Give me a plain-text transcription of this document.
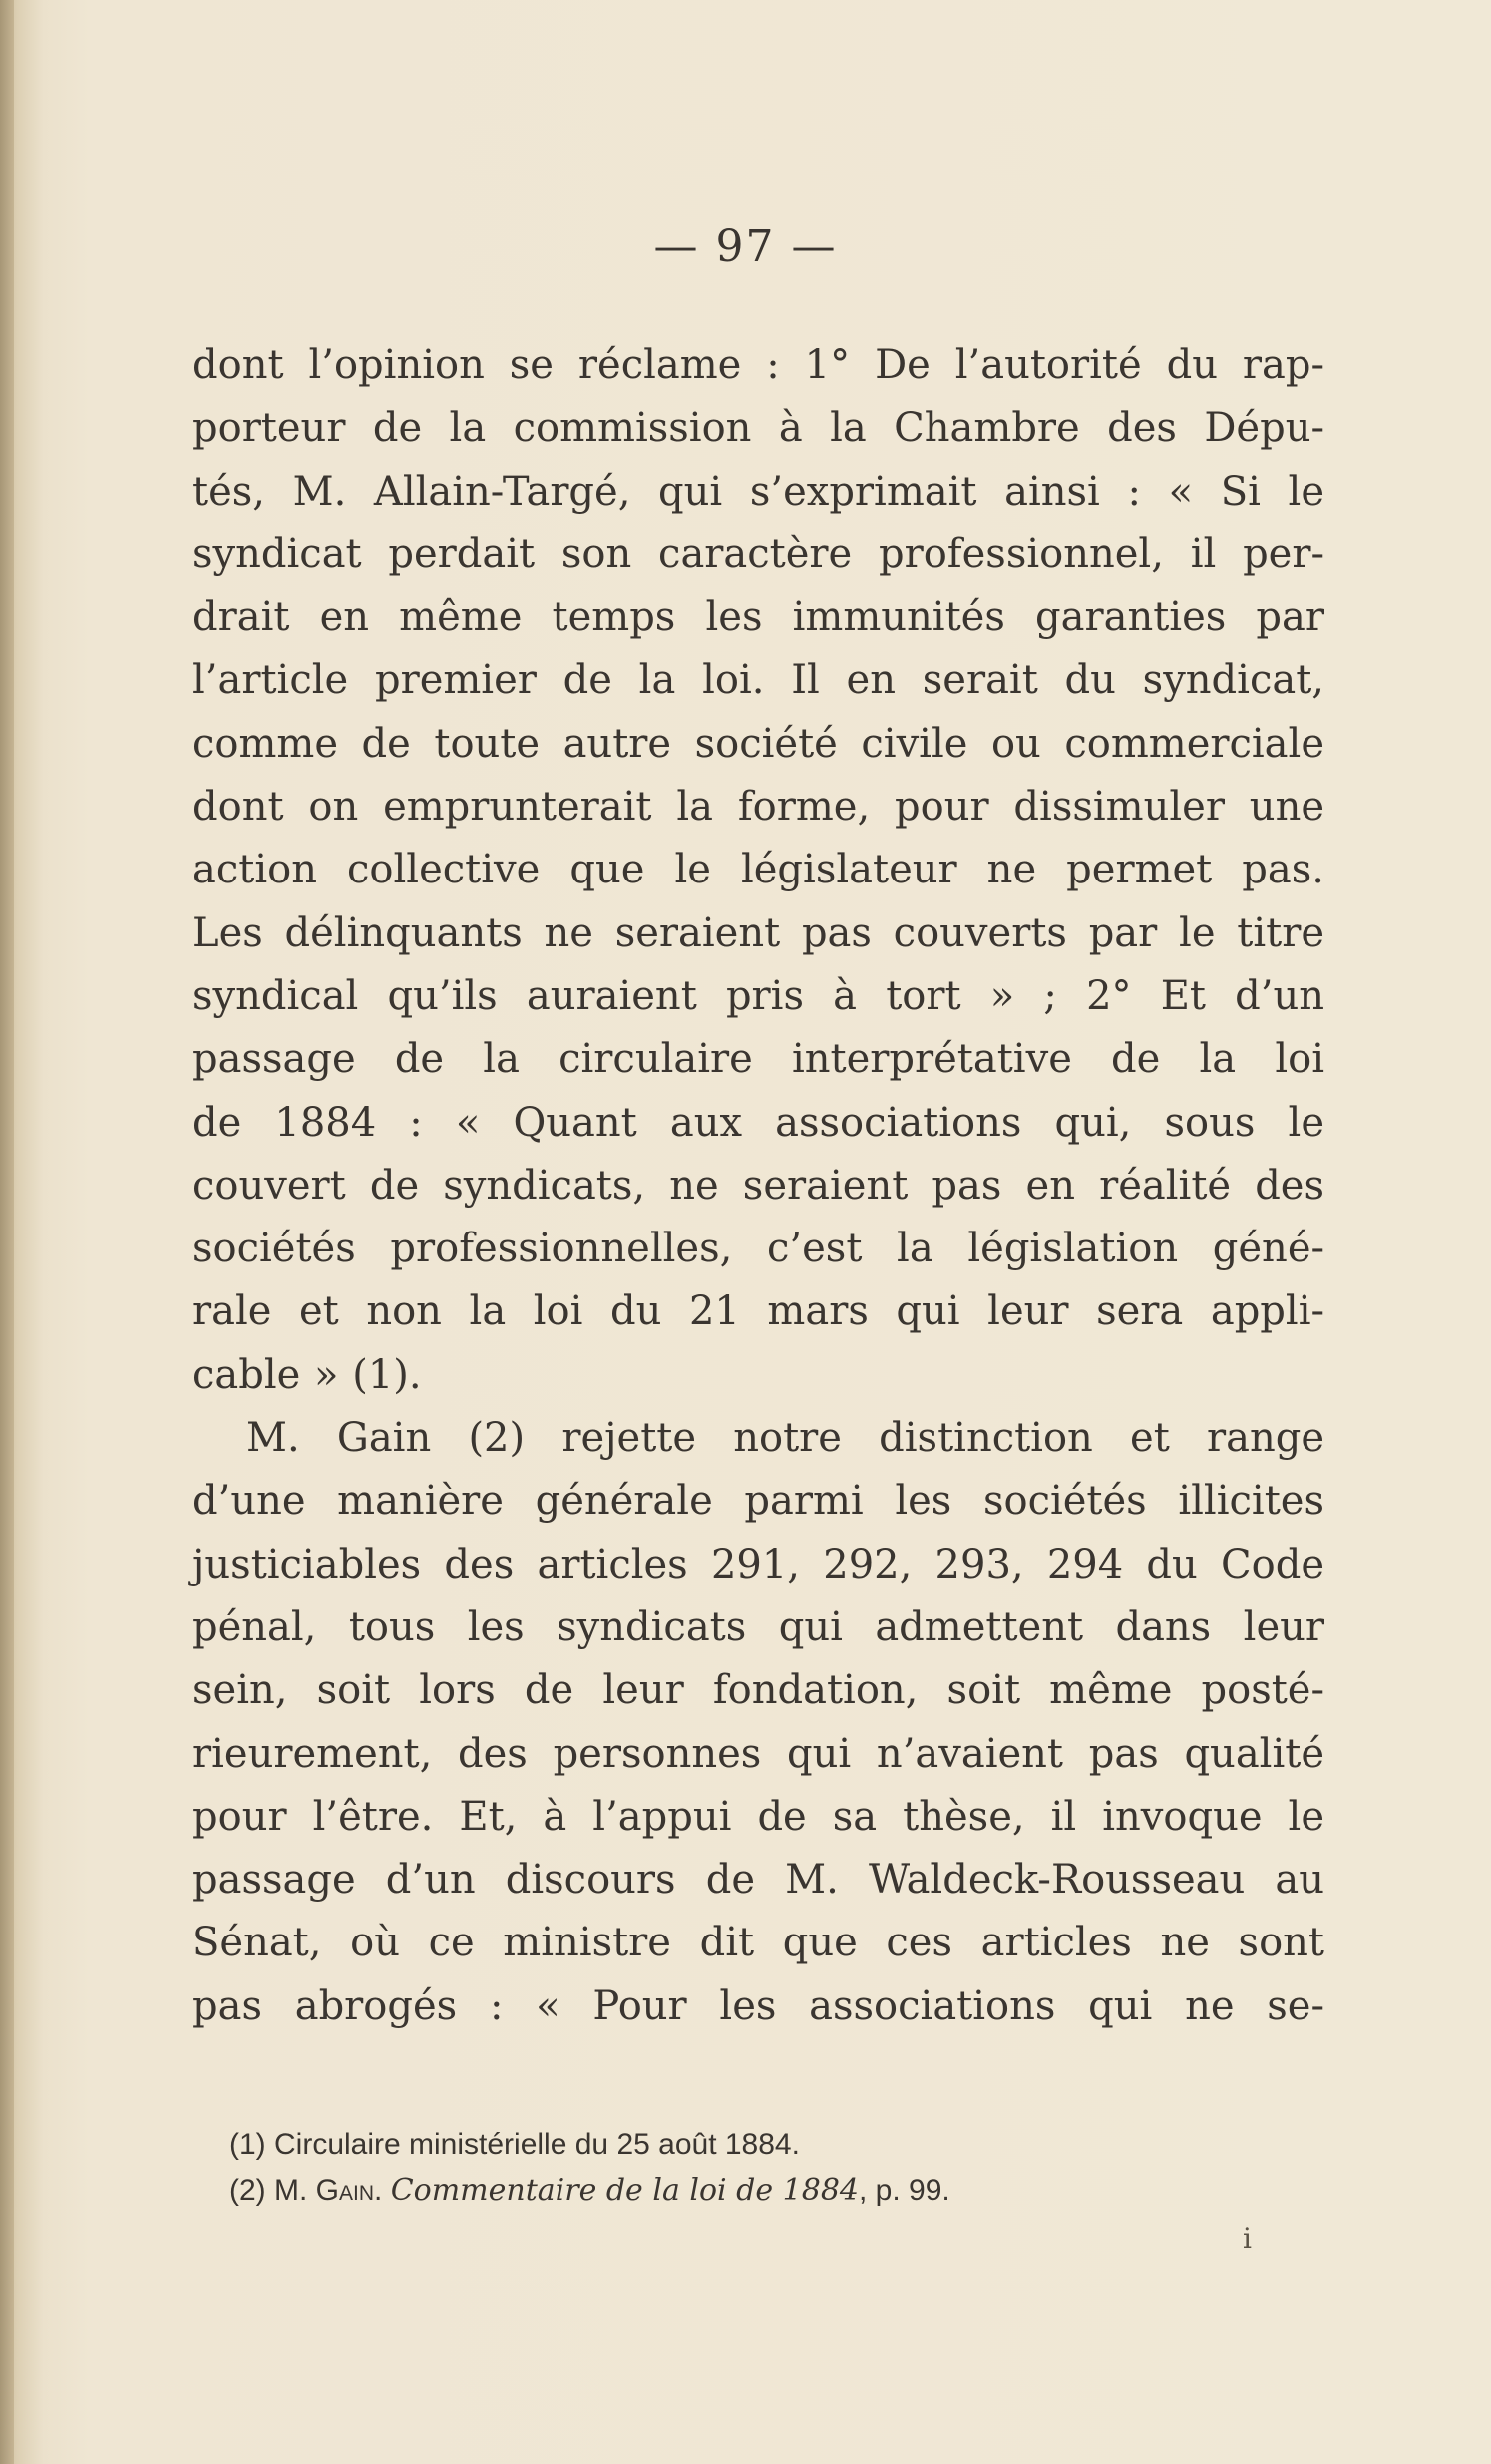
— 97 —
dont l’opinion se réclame : 1° De l’autorité du rap-
porteur de la commission à la Chambre des Dépu-
tés, M. Allain-Targé, qui s’exprimait ainsi : « Si le
syndicat perdait son caractère professionnel, il per-
drait en même temps les immunités garanties par
l’article premier de la loi. Il en serait du syndicat,
comme de toute autre société civile ou commerciale
dont on emprunterait la forme, pour dissimuler une
action collective que le législateur ne permet pas.
Les délinquants ne seraient pas couverts par le titre
syndical qu’ils auraient pris à tort » ; 2° Et d’un
passage de la circulaire interprétative de la loi
de 1884 : « Quant aux associations qui, sous le
couvert de syndicats, ne seraient pas en réalité des
sociétés professionnelles, c’est la législation géné-
rale et non la loi du 21 mars qui leur sera appli-
cable » (1).
M. Gain (2) rejette notre distinction et range
d’une manière générale parmi les sociétés illicites
justiciables des articles 291, 292, 293, 294 du Code
pénal, tous les syndicats qui admettent dans leur
sein, soit lors de leur fondation, soit même posté-
rieurement, des personnes qui n’avaient pas qualité
pour l’être. Et, à l’appui de sa thèse, il invoque le
passage d’un discours de M. Waldeck-Rousseau au
Sénat, où ce ministre dit que ces articles ne sont
pas abrogés : « Pour les associations qui ne se-
(1) Circulaire ministérielle du 25 août 1884.
(2) M. Gain. Commentaire de la loi de 1884, p. 99.
i
